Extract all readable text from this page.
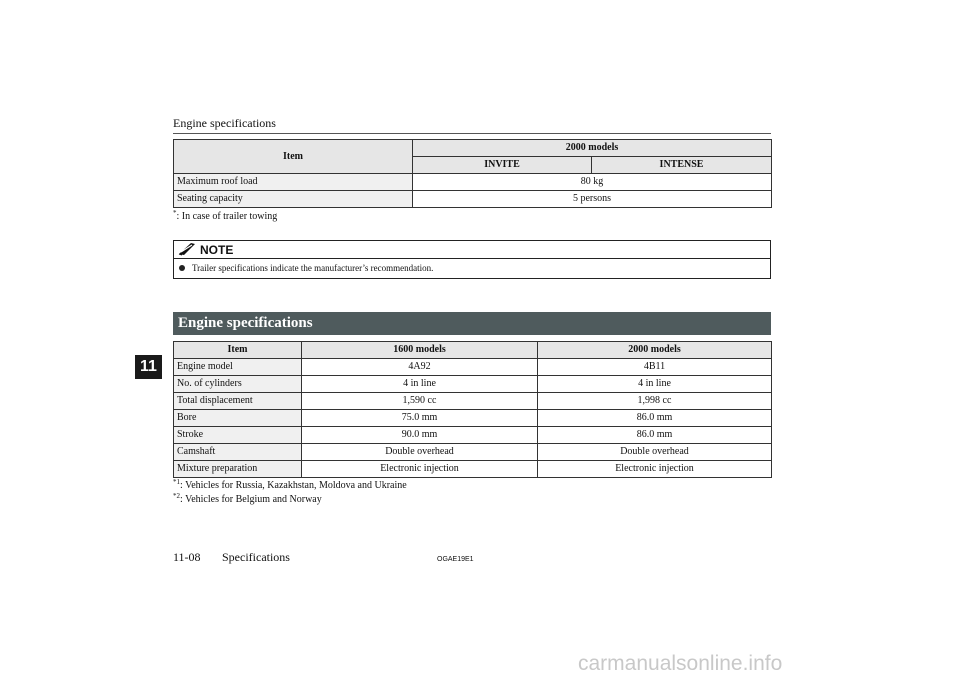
Engine specifications
Item	2000 models	
	INVITE	INTENSE
Maximum roof load	80 kg	
Seating capacity	5 persons	
*: In case of trailer towing
NOTE
Trailer specifications indicate the manufacturer’s recommendation.
Engine specifications
11
Item	1600 models	2000 models
Engine model	4A92	4B11
No. of cylinders	4 in line	4 in line
Total displacement	1,590 cc	1,998 cc
Bore	75.0 mm	86.0 mm
Stroke	90.0 mm	86.0 mm
Camshaft	Double overhead	Double overhead
Mixture preparation	Electronic injection	Electronic injection
$^{*1}$: Vehicles for Russia, Kazakhstan, Moldova and Ukraine
$^{*2}$: Vehicles for Belgium and Norway
11-08 Specifications	OGAE19E1
carmanualsonline.info
